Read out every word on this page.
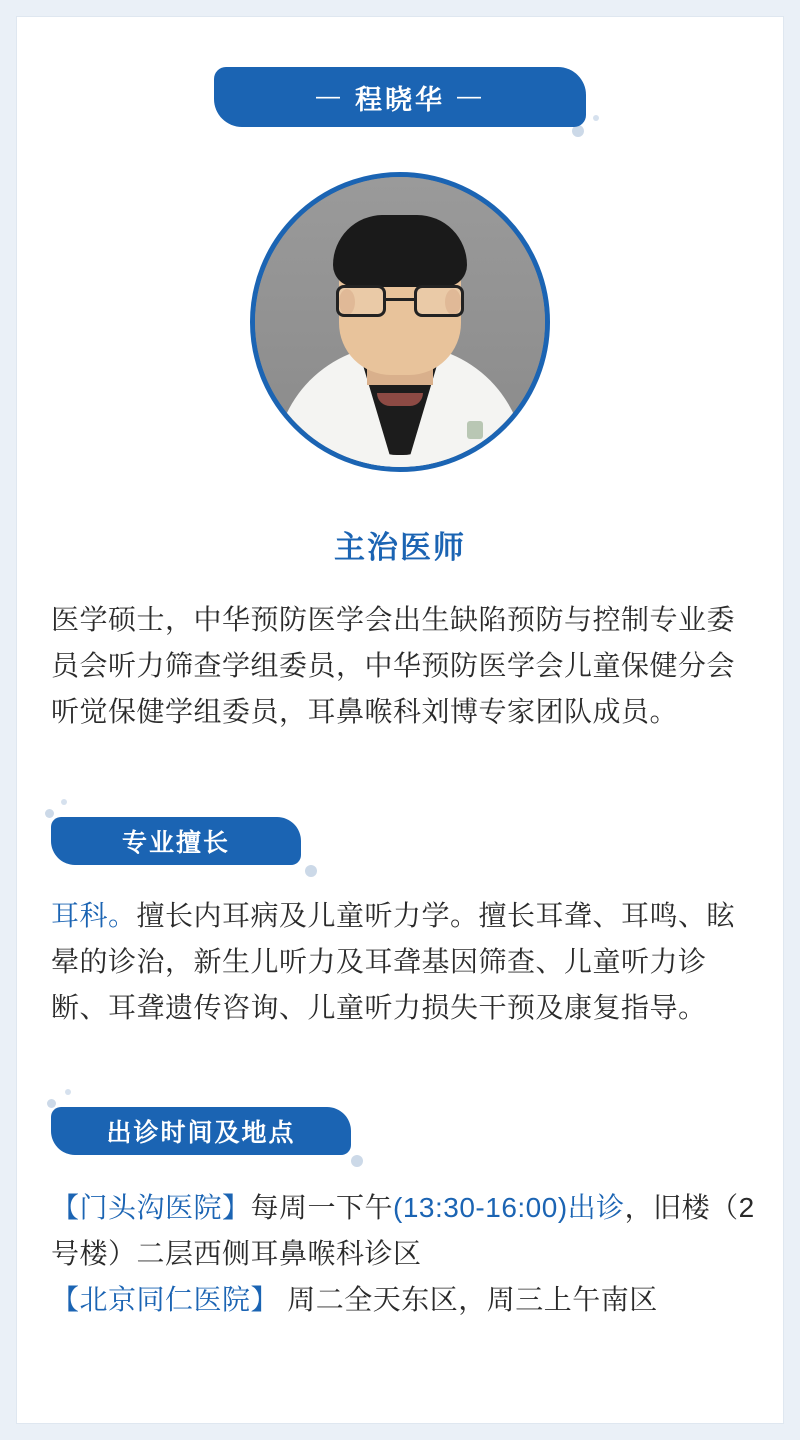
— 程晓华 —
主治医师
医学硕士，中华预防医学会出生缺陷预防与控制专业委员会听力筛查学组委员，中华预防医学会儿童保健分会听觉保健学组委员，耳鼻喉科刘博专家团队成员。
专业擅长
耳科。擅长内耳病及儿童听力学。擅长耳聋、耳鸣、眩晕的诊治，新生儿听力及耳聋基因筛查、儿童听力诊断、耳聋遗传咨询、儿童听力损失干预及康复指导。
出诊时间及地点
【门头沟医院】每周一下午(13:30-16:00)出诊，旧楼（2号楼）二层西侧耳鼻喉科诊区
【北京同仁医院】 周二全天东区，周三上午南区
